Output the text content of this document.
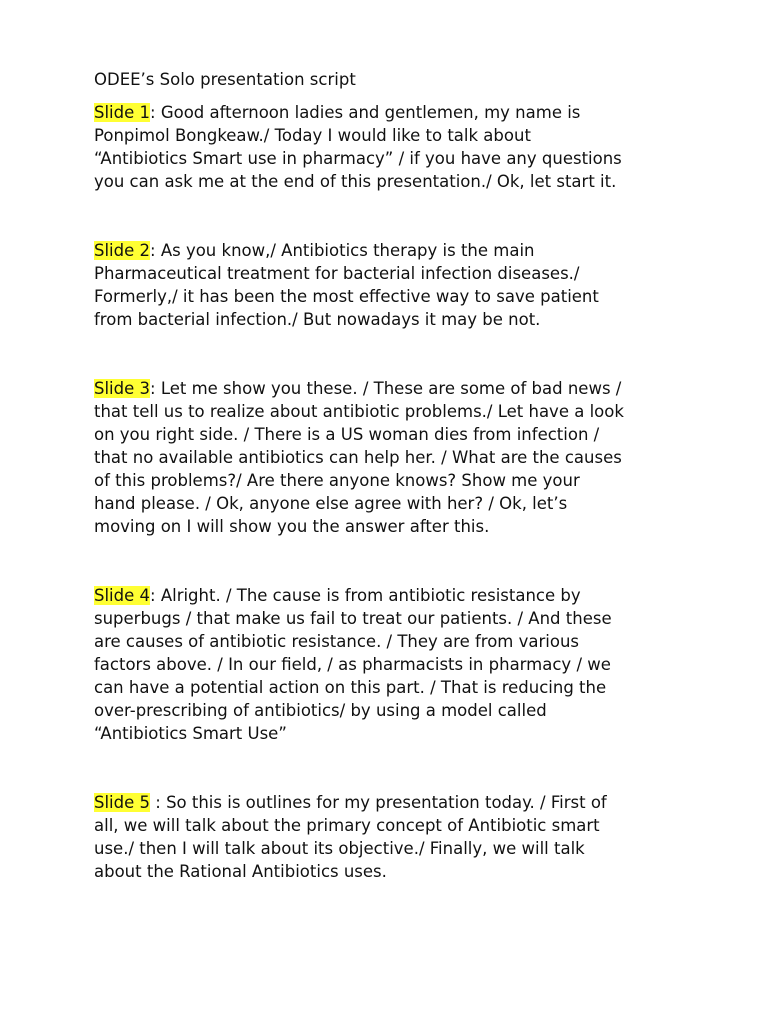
ODEE’s Solo presentation script
Slide 1: Good afternoon ladies and gentlemen, my name is
Ponpimol Bongkeaw./ Today I would like to talk about
“Antibiotics Smart use in pharmacy” / if you have any questions
you can ask me at the end of this presentation./ Ok, let start it.
Slide 2: As you know,/ Antibiotics therapy is the main
Pharmaceutical treatment for bacterial infection diseases./
Formerly,/ it has been the most effective way to save patient
from bacterial infection./ But nowadays it may be not.
Slide 3: Let me show you these. / These are some of bad news /
that tell us to realize about antibiotic problems./ Let have a look
on you right side. / There is a US woman dies from infection /
that no available antibiotics can help her. / What are the causes
of this problems?/ Are there anyone knows? Show me your
hand please. / Ok, anyone else agree with her? / Ok, let’s
moving on I will show you the answer after this.
Slide 4: Alright. / The cause is from antibiotic resistance by
superbugs / that make us fail to treat our patients. / And these
are causes of antibiotic resistance. / They are from various
factors above. / In our field, / as pharmacists in pharmacy / we
can have a potential action on this part. / That is reducing the
over-prescribing of antibiotics/ by using a model called
“Antibiotics Smart Use”
Slide 5 : So this is outlines for my presentation today. / First of
all, we will talk about the primary concept of Antibiotic smart
use./ then I will talk about its objective./ Finally, we will talk
about the Rational Antibiotics uses.
